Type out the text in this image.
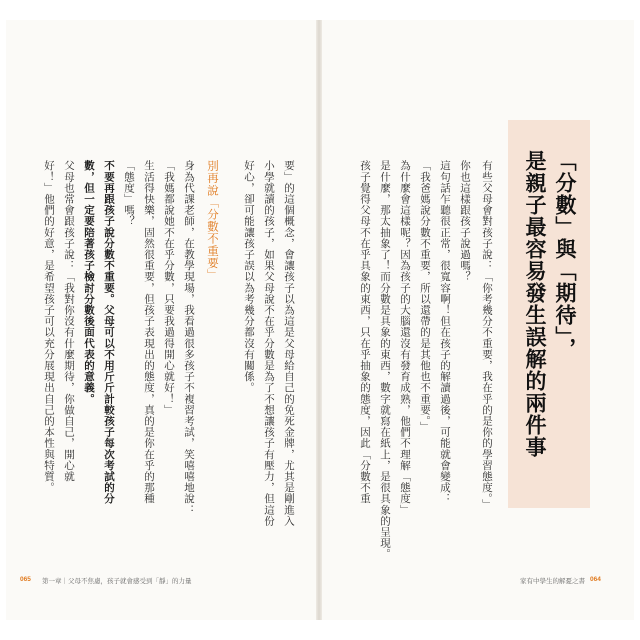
「分數」與「期待」，
是親子最容易發生誤解的兩件事
有些父母會對孩子說：「你考幾分不重要，我在乎的是你的學習態度。」
你也這樣跟孩子說過嗎？
這句話乍聽很正常，很寬容啊！但在孩子的解讀過後，可能就會變成：
「我爸媽說分數不重要，所以還帶的是其他也不重要。」
為什麼會這樣呢？因為孩子的大腦還沒有發育成熟，他們不理解「態度」
是什麼，那太抽象了！而分數是具象的東西，數字就寫在紙上，是很具象的呈現。
孩子覺得父母不在乎具象的東西，只在乎抽象的態度，因此「分數不重
家有中學生的解憂之書 064
要」的這個概念，會讓孩子以為這是父母給自己的免死金牌，尤其是剛進入
小學就讀的孩子，如果父母說不在乎分數是為了不想讓孩子有壓力，但這份
好心，卻可能讓孩子誤以為考幾分都沒有關係。
別再說「分數不重要」
身為代課老師，在教學現場，我看過很多孩子不複習考試，笑嘻嘻地說：
「我媽都說她不在乎分數，只要我過得開心就好！」
生活得快樂，固然很重要，但孩子表現出的態度，真的是你在乎的那種
「態度」嗎？
不要再跟孩子說分數不重要。父母可以不用斤斤計較孩子每次考試的分
數，但一定要陪著孩子檢討分數後面代表的意義。
父母也常會跟孩子說：「我對你沒有什麼期待，你做自己，開心就
好！」他們的好意，是希望孩子可以充分展現出自己的本性與特質。
065 第一章｜父母不焦慮，孩子就會感受到「靜」的力量
